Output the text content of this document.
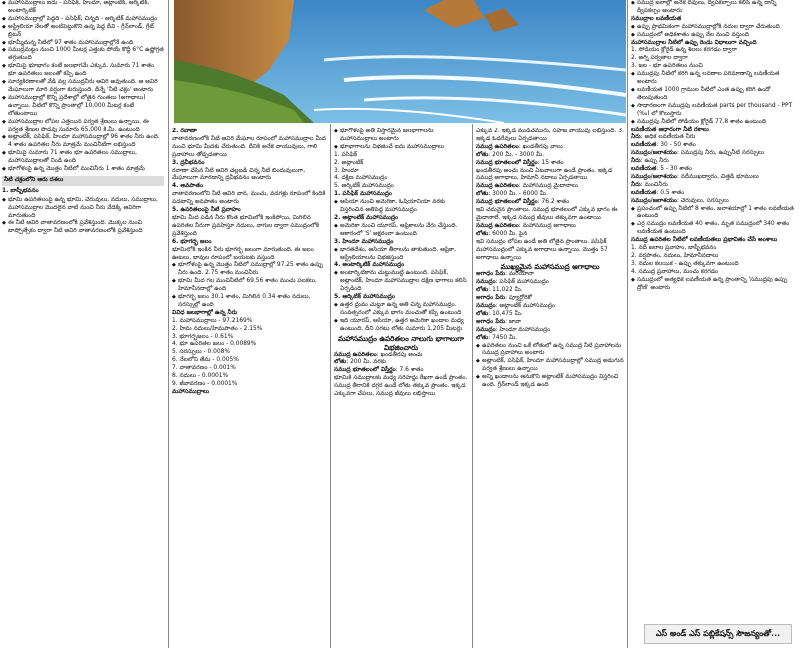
◆ మహాసముద్రాలు ఐదు - పసిఫిక్, హిందూ, అట్లాంటిక్, ఆర్కిటిక్, అంటార్కిటిక్

◆ మహాసముద్రాల్లో పెద్దది - పసిఫిక్; చిన్నది - ఆర్కిటిక్ మహాసముద్రం

◆ అస్ట్రేలియా నేలతో అంటిపెట్టుకొని ఉన్న పెద్ద దీవి - గ్రీన్‌లాండ్, గ్రేట్ బ్రిటన్

◆ భూమ్మీదున్న నీటిలో 97 శాతం మహాసముద్రాల్లోనే ఉంది

◆ సముద్రమట్టం నుంచి 1000 మీటర్ల ఎత్తుకు పోయే కొద్దీ 6°C ఉష్ణోగ్రత తగ్గుతుంది

◆ భూమిపై భూభాగం కంటే జలభాగమే ఎక్కువ. సుమారు 71 శాతం భూ ఉపరితలం జలంతో కప్పి ఉంది

◆ సూర్యకిరణాలతో వేడి వల్ల సముద్రనీరు ఆవిరి అవుతుంది. ఆ ఆవిరి మేఘాలుగా మారి వర్షంగా కురుస్తుంది. దీన్నే 'నీటి చక్రం' అంటారు

◆ మహాసముద్రాల్లో కొన్ని ప్రదేశాల్లో లోతైన గుంతలు (అగాధాలు) ఉన్నాయి. వీటిలో కొన్ని ప్రాంతాల్లో 10,000 మీటర్ల కంటే లోతుంటాయి

◆ మహాసముద్రాల లోపల ఎత్తయిన పర్వత శ్రేణులు ఉన్నాయి. ఈ పర్వత శ్రేణుల పొడవు సుమారు 65,000 కి.మీ. ఉంటుంది

◆ అట్లాంటిక్, పసిఫిక్, హిందూ మహాసముద్రాల్లో 96 శాతం నీరు ఉంది. 4 శాతం ఉపరితల నీరు మాత్రమే మంచినీటిగా లభిస్తుంది

◆ భూమిపై సుమారు 71 శాతం భూ ఉపరితలం సముద్రాలు, మహాసముద్రాలతో నిండి ఉంది

◆ భూగోళంపై ఉన్న మొత్తం నీటిలో మంచినీరు 1 శాతం మాత్రమే

నీటి చక్రంలోని ఆరు దశలు
1. బాష్పీభవనం

◆ భూమి ఉపరితలంపై ఉన్న భూమి, చెరువులు, నదులు, సముద్రాలు, మహాసముద్రాల మొదలైన వాటి నుంచి నీరు వేడెక్కి ఆవిరిగా మారుతుంది

◆ ఈ నీటి ఆవిరి వాతావరణంలోకి ప్రవేశిస్తుంది. మొక్కల నుంచి బాష్పోత్సేకం ద్వారా నీటి ఆవిరి వాతావరణంలోకి ప్రవేశిస్తుంది

2. రవాణా

వాతావరణంలోకి నీటి ఆవిరి మేఘాల రూపంలో మహాసముద్రాల మీద నుంచి భూమి మీదకు చేరుతుంది. దీనికి అనేక వాయువులు, గాలి ప్రవాహాలు తోడ్పడతాయి

3. ద్రవీభవనం

రవాణా చేసిన నీటి ఆవిరి చల్లబడి చిన్న నీటి బిందువులుగా, మేఘాలుగా మారడాన్ని ద్రవీభవనం అంటారు

4. అవపాతం

వాతావరణంలోని నీటి ఆవిరి వాన, మంచు, వడగళ్లు రూపంలో కిందికి పడటాన్ని అవపాతం అంటారు

5. ఉపరితలంపై నీటి ప్రవాహం

భూమి మీద పడిన నీరు కొంత భూమిలోకి ఇంకిపోయి, మిగిలిన ఉపరితల నీరుగా ప్రవహిస్తూ నదులు, వాగుల ద్వారా సముద్రంలోకి ప్రవేశిస్తుంది

6. భూగర్భ జలం

భూమిలోకి ఇంకిన నీరు భూగర్భ జలంగా మారుతుంది. ఈ జలం ఊటలు, బావుల రూపంలో బయటకు వస్తుంది

◆ భూగోళంపై ఉన్న మొత్తం నీటిలో సముద్రాల్లో 97.25 శాతం ఉప్పు నీరు ఉంది. 2.75 శాతం మంచినీరు

◆ భూమి మీద గల మంచినీటిలో 69.56 శాతం మంచు పలకలు, హిమానీనదాల్లో ఉంది

◆ భూగర్భ జలం 30.1 శాతం, మిగిలిన 0.34 శాతం నదులు, సరస్సుల్లో ఉంది

వివిధ జలభాగాల్లో ఉన్న నీరు

1. మహాసముద్రాలు - 97.2169%

2. హిమ నదులు/హిమపాతం - 2.15%

3. భూగర్భజలం - 0.61%

4. భూ ఉపరితల జలం - 0.0089%

5. సరస్సులు - 0.008%

6. నేలలోని తేమ - 0.005%

7. వాతావరణం - 0.001%

8. నదులు - 0.0001%

9. జీవావరణం - 0.0001%

మహాసముద్రాలు

◆ భూగోళంపై అతి విస్తారమైన జలభాగాలను మహాసముద్రాలు అంటారు

◆ భూభాగాలను విభజించే ఐదు మహాసముద్రాలు

1. పసిఫిక్

2. అట్లాంటిక్

3. హిందూ

4. దక్షిణ మహాసముద్రం

5. ఆర్కిటిక్ మహాసముద్రం

1. పసిఫిక్ మహాసముద్రం

◆ ఆసియా నుంచి అమెరికా, ఓషియానియా వరకు విస్తరించిన అతిపెద్ద మహాసముద్రం

2. అట్లాంటిక్ మహాసముద్రం

◆ అమెరికా నుంచి యూరప్, ఆఫ్రికాలను వేరు చేస్తుంది. ఆకారంలో 'S' అక్షరంలా ఉంటుంది

3. హిందూ మహాసముద్రం

◆ భారతదేశం, ఆసియా తీరాలను తాకుతుంది. ఆఫ్రికా, ఆస్ట్రేలియాలను విభజిస్తుంది

4. అంటార్కిటిక్ మహాసముద్రం

◆ అంటార్కిటికాను చుట్టుముట్టి ఉంటుంది. పసిఫిక్, అట్లాంటిక్, హిందూ మహాసముద్రాల దక్షిణ భాగాలు కలిసి ఏర్పడింది

5. ఆర్కిటిక్ మహాసముద్రం

◆ ఉత్తర ధ్రువం చుట్టూ ఉన్న అతి చిన్న మహాసముద్రం. సంవత్సరంలో ఎక్కువ భాగం మంచుతో కప్పి ఉంటుంది

◆ ఇది యూరప్, ఆసియా, ఉత్తర అమెరికా ఖండాల మధ్య ఉంటుంది. దీని సగటు లోతు సుమారు 1,205 మీటర్లు

మహాసముద్రం ఉపరితలం నాలుగు భాగాలుగా విభజించారు

సముద్ర ఉపరితలం: ఖండతీరపు అంచు

లోతు: 200 మీ. వరకు

సముద్ర భూతలంలో విస్తీర్ణం: 7.6 శాతం

భూమికి సముద్రాలకు మధ్య సరిహద్దు రేఖగా ఉండే ప్రాంతం. సముద్ర తీరానికి దగ్గర ఉండే లోతు తక్కువ ప్రాంతం. ఇక్కడ ఎక్కువగా చేపలు, సముద్ర జీవులు లభిస్తాయి

ఎక్కువ 2. ఇక్కడ ముడిచమురు, సహజ వాయువు లభిస్తుంది. 3. ఇక్కడ ఓడరేవులు ఏర్పడతాయి

సముద్ర ఉపరితలం: ఖండతీరపు వాలు

లోతు: 200 మీ. - 3000 మీ.

సముద్ర భూతలంలో విస్తీర్ణం: 15 శాతం

ఖండతీరపు అంచు నుంచి ఏటవాలుగా ఉండే ప్రాంతం. ఇక్కడ సముద్ర అగాధాలు, హిమానీ నదాలు ఏర్పడతాయి

సముద్ర ఉపరితలం: మహాసముద్ర మైదానాలు

లోతు: 3000 మీ. - 6000 మీ.

సముద్ర భూతలంలో విస్తీర్ణం: 76.2 శాతం

ఇవి చదునైన ప్రాంతాలు. సముద్ర భూతలంలో ఎక్కువ భాగం ఈ మైదానాలే. ఇక్కడ సముద్ర జీవులు తక్కువగా ఉంటాయి

సముద్ర ఉపరితలం: మహాసముద్ర అగాధాలు

లోతు: 6000 మీ. పైన

ఇవి సముద్రం లోపల ఉండే అతి లోతైన ప్రాంతాలు. పసిఫిక్ మహాసముద్రంలో ఎక్కువ అగాధాలు ఉన్నాయి. మొత్తం 57 అగాధాలు ఉన్నాయి

ముఖ్యమైన మహాసముద్ర అగాధాలు

అగాధం పేరు: మరియానా

సముద్రం: పసిఫిక్ మహాసముద్రం

లోతు: 11,022 మీ.

అగాధం పేరు: ప్యూర్టోరికో

సముద్రం: అట్లాంటిక్ మహాసముద్రం

లోతు: 10,475 మీ.

అగాధం పేరు: జావా

సముద్రం: హిందూ మహాసముద్రం

లోతు: 7450 మీ.

◆ ఉపరితలం నుంచి ఒకే లోతులో ఉన్న సముద్ర నీటి ప్రవాహాలను సముద్ర ప్రవాహాలు అంటారు

◆ అట్లాంటిక్, పసిఫిక్, హిందూ మహాసముద్రాల్లో సముద్ర అడుగున పర్వత శ్రేణులు ఉన్నాయి

◆ అన్ని ఖండాలను ఆనుకొని అట్లాంటిక్ మహాసముద్రం విస్తరించి ఉంది. గ్రీన్‌లాండ్ ఇక్కడ ఉంది

◆ సముద్ర జలాల్లో అనేక దీవులు, ద్వీపకల్పాలు కలిసి ఉన్న దాన్ని ద్వీపకల్పం అంటారు

సముద్రాల లవణీయత

◆ ఉప్పు ప్రాథమికంగా మహాసముద్రాల్లోకి నదుల ద్వారా చేరుతుంది

◆ సముద్రంలో అధికశాతం ఉప్పు నేల నుంచి వస్తుంది

మహాసముద్రాల నీటిలో ఉప్పు రెండు విధాలుగా వచ్చింది

1. సోడియం క్లోరైడ్ ఉన్న శిలలు కరగడం ద్వారా

2. అగ్ని పర్వతాల ద్వారా

3. జల - భూ ఉపరితలం నుంచి

◆ సముద్రపు నీటిలో కరిగి ఉన్న లవణాల పరిమాణాన్ని లవణీయత అంటారు

◆ లవణీయత 1000 గ్రాముల నీటిలో ఎంత ఉప్పు కరిగి ఉందో తెలుపుతుంది

◆ సాధారణంగా సముద్రపు లవణీయత parts per thousand - PPT (‰) లో కొలుస్తారు

◆ సముద్రపు నీటిలో సోడియం క్లోరైడ్ 77.8 శాతం ఉంటుంది

లవణీయత ఆధారంగా నీటి రకాలు

నీరు: అధిక లవణీయత నీరు

లవణీయత: 30 - 50 శాతం

సముద్రం/జలాశయం: సముద్రపు నీరు, ఉప్పునీటి సరస్సులు

నీరు: ఉప్పు నీరు

లవణీయత: 5 - 30 శాతం

సముద్రం/జలాశయం: నదీముఖద్వారం, చిత్తడి భూములు

నీరు: మంచినీరు

లవణీయత: 0.5 శాతం

సముద్రం/జలాశయం: చెరువులు, సరస్సులు

◆ ప్రపంచంలో ఉప్పు నీటిలో 8 శాతం, జలాశయాల్లో 1 శాతం లవణీయత ఉంటుంది

◆ ఎర్ర సముద్రం లవణీయత 40 శాతం, మృత సముద్రంలో 340 శాతం లవణీయత ఉంటుంది

సముద్ర ఉపరితల నీటిలో లవణీయతలు ప్రభావితం చేసే అంశాలు

1. నదీ జలాల ప్రవాహం, బాష్పీభవనం

2. వర్షపాతం, నదులు, హిమానీనదాలు

3. నదుల కలయిక - ఉప్పు తక్కువగా ఉంటుంది

4. సముద్ర ప్రవాహాలు, మంచు కరగడం

◆ సముద్రంలో అత్యధిక లవణీయత ఉన్న ప్రాంతాన్ని 'సముద్రపు ఉప్పు ద్రోణి' అంటారు

ఎస్ అండ్ ఎస్ పబ్లికేషన్స్ సౌజన్యంతో...
